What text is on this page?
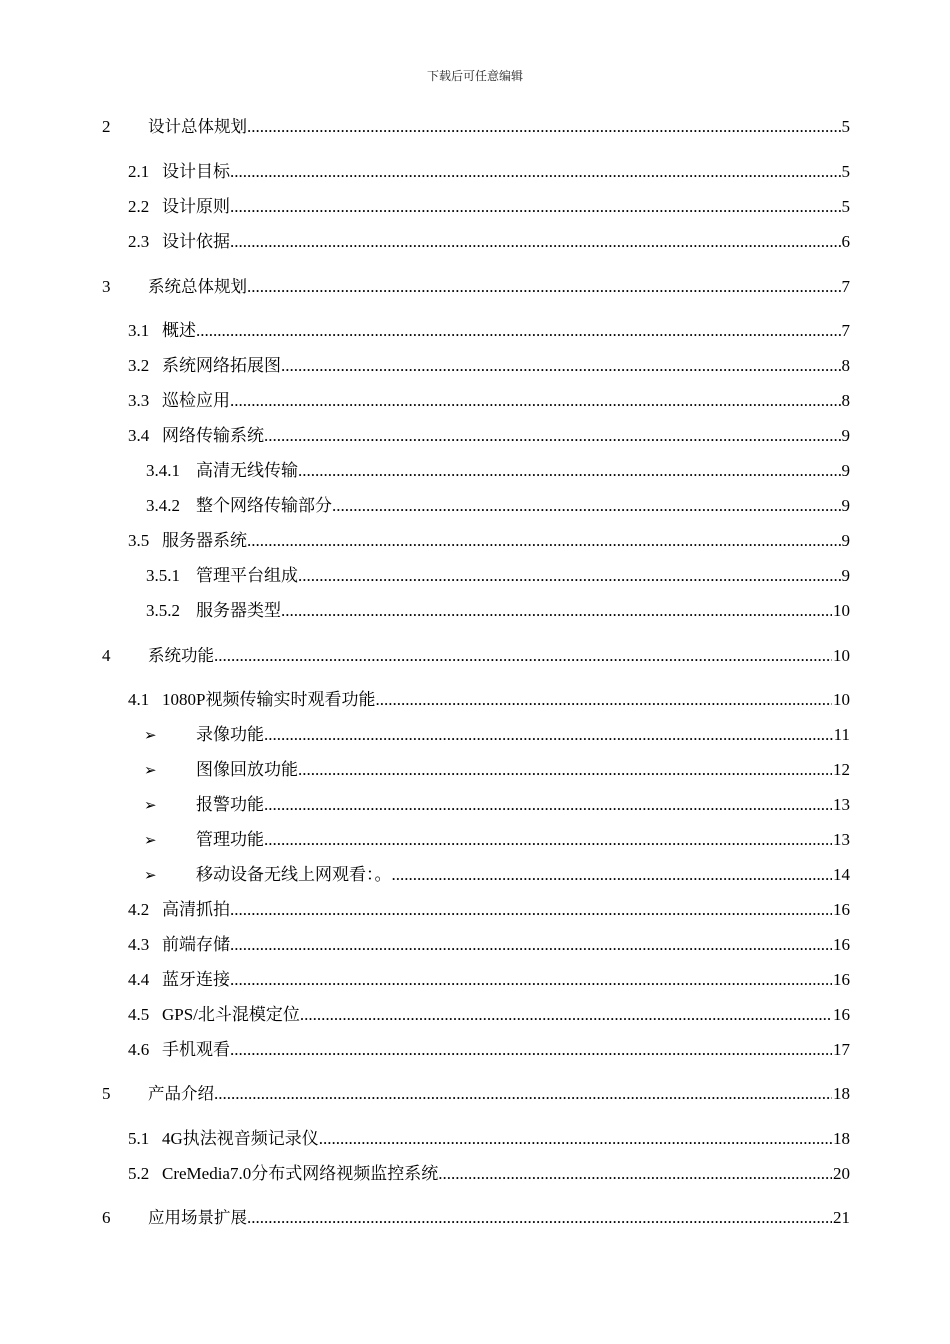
下载后可任意编辑
2 设计总体规划 .....	5
2.1 设计目标 .....	5
2.2 设计原则 .....	5
2.3 设计依据 .....	6
3 系统总体规划 .....	7
3.1 概述 .....	7
3.2 系统网络拓展图 .....	8
3.3 巡检应用 .....	8
3.4 网络传输系统 .....	9
3.4.1 高清无线传输 .....	9
3.4.2 整个网络传输部分 .....	9
3.5 服务器系统 .....	9
3.5.1 管理平台组成 .....	9
3.5.2 服务器类型 .....	10
4 系统功能 .....	10
4.1 1080P视频传输实时观看功能 .....	10
➢ 录像功能 .....	11
➢ 图像回放功能 .....	12
➢ 报警功能 .....	13
➢ 管理功能 .....	13
➢ 移动设备无线上网观看：。 .....	14
4.2 高清抓拍 .....	16
4.3 前端存储 .....	16
4.4 蓝牙连接 .....	16
4.5 GPS/北斗混模定位 .....	16
4.6 手机观看 .....	17
5 产品介绍 .....	18
5.1 4G执法视音频记录仪 .....	18
5.2 CreMedia7.0分布式网络视频监控系统 .....	20
6 应用场景扩展 .....	21
